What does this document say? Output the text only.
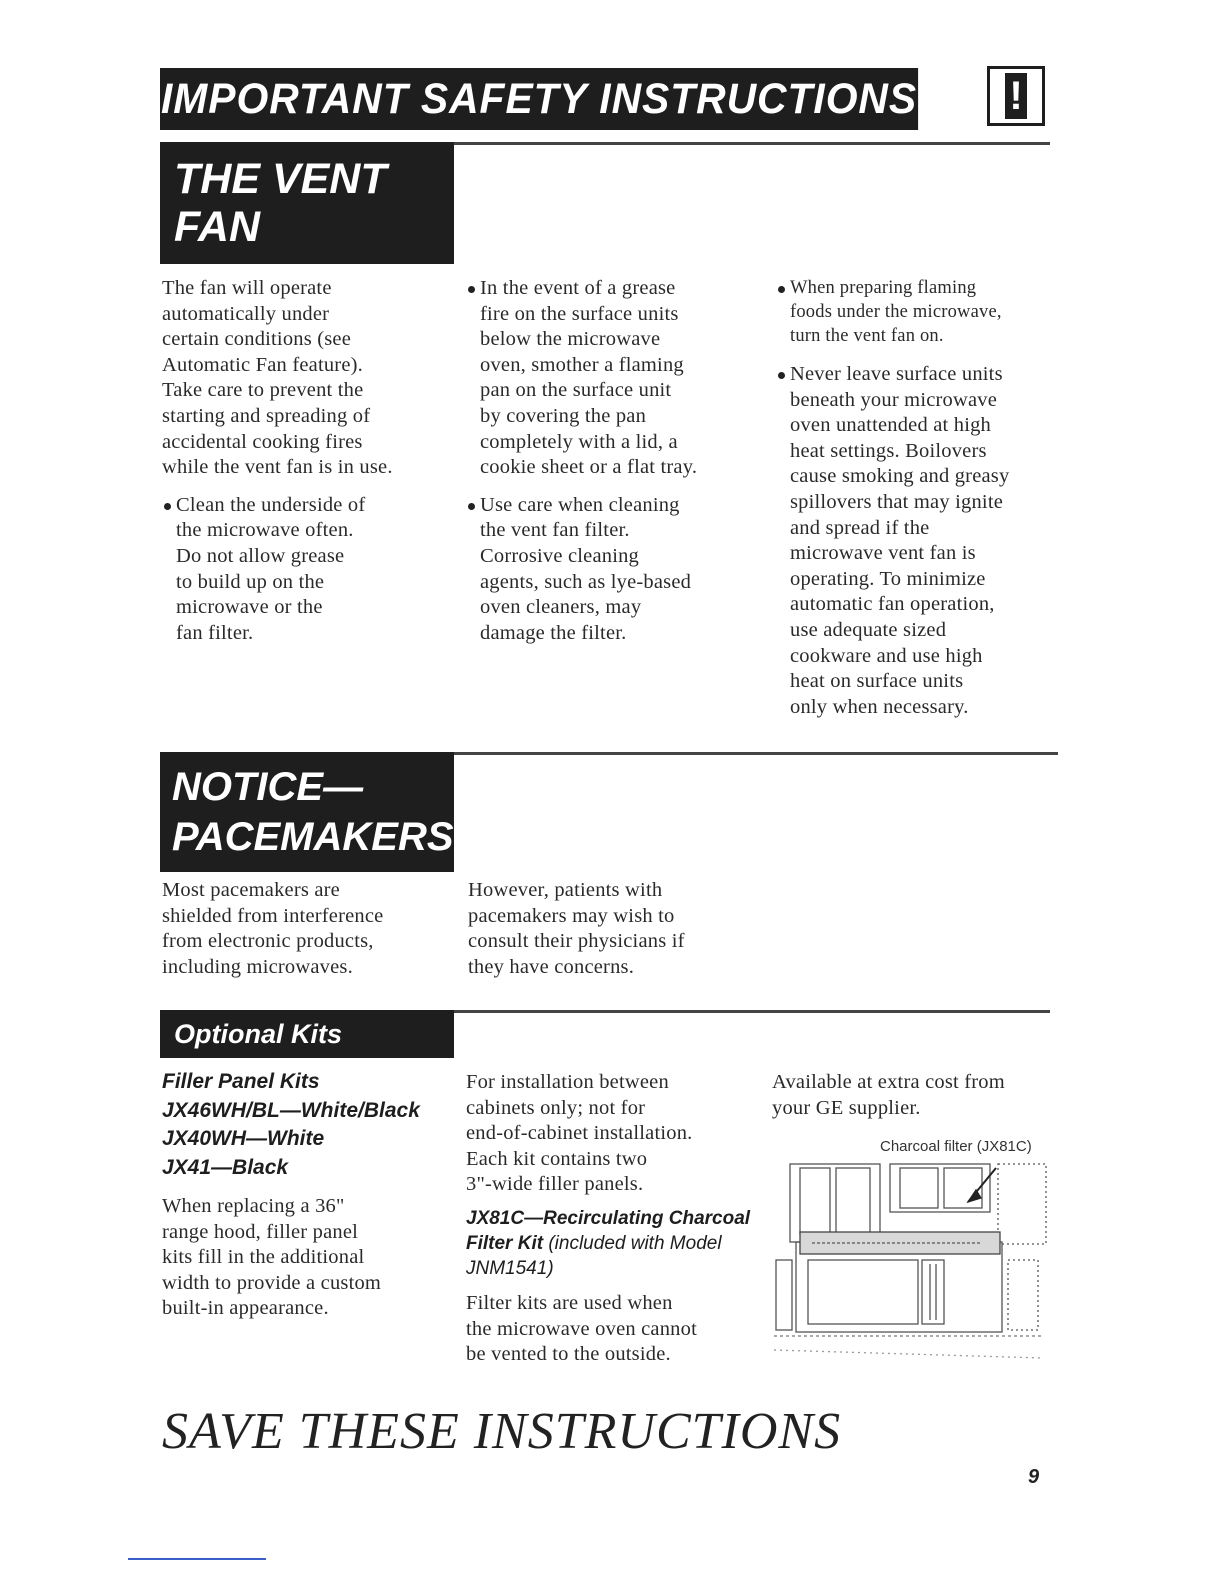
IMPORTANT SAFETY INSTRUCTIONS !
THE VENT
FAN

The fan will operate
automatically under
certain conditions (see
Automatic Fan feature).
Take care to prevent the
starting and spreading of
accidental cooking fires
while the vent fan is in use.

Clean the underside of
the microwave often.
Do not allow grease
to build up on the
microwave or the
fan filter.

In the event of a grease
fire on the surface units
below the microwave
oven, smother a flaming
pan on the surface unit
by covering the pan
completely with a lid, a
cookie sheet or a flat tray.

Use care when cleaning
the vent fan filter.
Corrosive cleaning
agents, such as lye-based
oven cleaners, may
damage the filter.

When preparing flaming
foods under the microwave,
turn the vent fan on.

Never leave surface units
beneath your microwave
oven unattended at high
heat settings. Boilovers
cause smoking and greasy
spillovers that may ignite
and spread if the
microwave vent fan is
operating. To minimize
automatic fan operation,
use adequate sized
cookware and use high
heat on surface units
only when necessary.

NOTICE—
PACEMAKERS

Most pacemakers are
shielded from interference
from electronic products,
including microwaves.

However, patients with
pacemakers may wish to
consult their physicians if
they have concerns.

Optional Kits
Filler Panel Kits
JX46WH/BL—White/Black
JX40WH—White
JX41—Black
When replacing a 36"
range hood, filler panel
kits fill in the additional
width to provide a custom
built-in appearance.
For installation between
cabinets only; not for
end-of-cabinet installation.
Each kit contains two
3"-wide filler panels.
JX81C—Recirculating Charcoal
Filter Kit (included with Model
JNM1541)
Filter kits are used when
the microwave oven cannot
be vented to the outside.
Available at extra cost from
your GE supplier.
Charcoal filter (JX81C)
SAVE THESE INSTRUCTIONS
9
